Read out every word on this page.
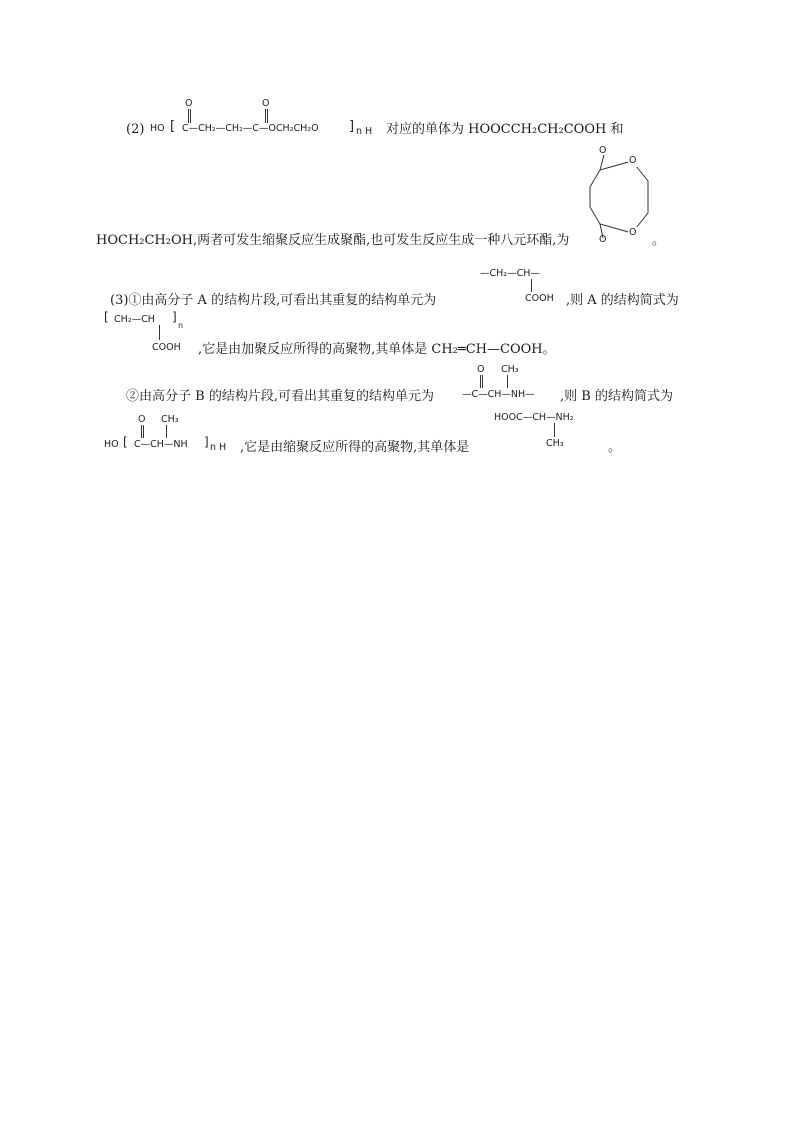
(2)
O	O
HO [ C—CH₂—CH₂—C—OCH₂CH₂O ] n H 对应的单体为 HOOCCH₂CH₂COOH 和
O
O
O
O
HOCH₂CH₂OH,两者可发生缩聚反应生成聚酯,也可发生反应生成一种八元环酯,为	。
(3)①由高分子 A 的结构片段,可看出其重复的结构单元为
—CH₂—CH—
COOH ,则 A 的结构简式为
[ CH₂—CH ]
n
COOH ,它是由加聚反应所得的高聚物,其单体是 CH₂═CH—COOH。
②由高分子 B 的结构片段,可看出其重复的结构单元为
O CH₃
—C—CH—NH— ,则 B 的结构简式为
O CH₃
HO [ C—CH—NH ] n H ,它是由缩聚反应所得的高聚物,其单体是
HOOC—CH—NH₂
CH₃	。
